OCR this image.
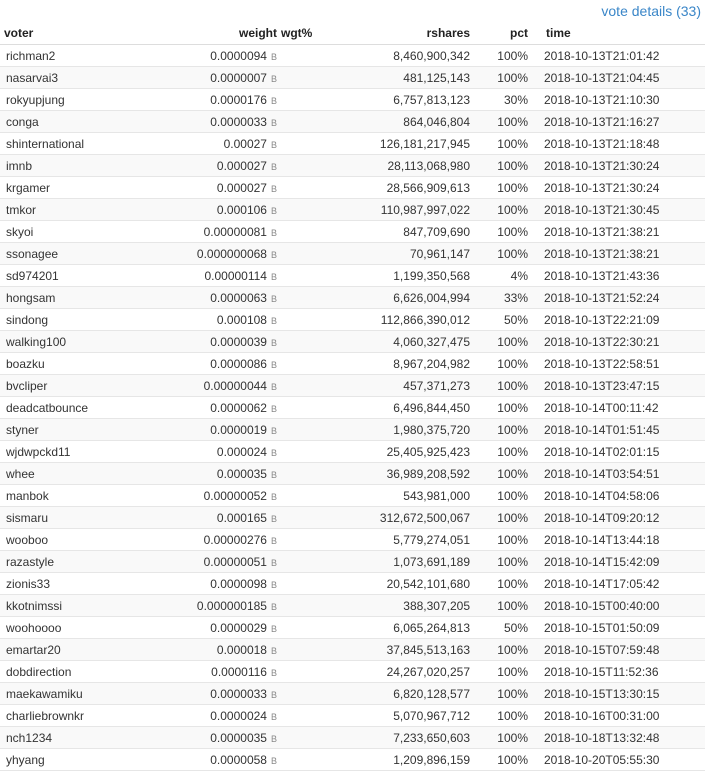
vote details (33)
voter	weight	wgt%	rshares	pct	time
richman2	0.0000094 B		8,460,900,342	100%	2018-10-13T21:01:42
nasarvai3	0.0000007 B		481,125,143	100%	2018-10-13T21:04:45
rokyupjung	0.0000176 B		6,757,813,123	30%	2018-10-13T21:10:30
conga	0.0000033 B		864,046,804	100%	2018-10-13T21:16:27
shinternational	0.00027 B		126,181,217,945	100%	2018-10-13T21:18:48
imnb	0.000027 B		28,113,068,980	100%	2018-10-13T21:30:24
krgamer	0.000027 B		28,566,909,613	100%	2018-10-13T21:30:24
tmkor	0.000106 B		110,987,997,022	100%	2018-10-13T21:30:45
skyoi	0.00000081 B		847,709,690	100%	2018-10-13T21:38:21
ssonagee	0.000000068 B		70,961,147	100%	2018-10-13T21:38:21
sd974201	0.00000114 B		1,199,350,568	4%	2018-10-13T21:43:36
hongsam	0.0000063 B		6,626,004,994	33%	2018-10-13T21:52:24
sindong	0.000108 B		112,866,390,012	50%	2018-10-13T22:21:09
walking100	0.0000039 B		4,060,327,475	100%	2018-10-13T22:30:21
boazku	0.0000086 B		8,967,204,982	100%	2018-10-13T22:58:51
bvcliper	0.00000044 B		457,371,273	100%	2018-10-13T23:47:15
deadcatbounce	0.0000062 B		6,496,844,450	100%	2018-10-14T00:11:42
styner	0.0000019 B		1,980,375,720	100%	2018-10-14T01:51:45
wjdwpckd11	0.000024 B		25,405,925,423	100%	2018-10-14T02:01:15
whee	0.000035 B		36,989,208,592	100%	2018-10-14T03:54:51
manbok	0.00000052 B		543,981,000	100%	2018-10-14T04:58:06
sismaru	0.000165 B		312,672,500,067	100%	2018-10-14T09:20:12
wooboo	0.00000276 B		5,779,274,051	100%	2018-10-14T13:44:18
razastyle	0.00000051 B		1,073,691,189	100%	2018-10-14T15:42:09
zionis33	0.0000098 B		20,542,101,680	100%	2018-10-14T17:05:42
kkotnimssi	0.000000185 B		388,307,205	100%	2018-10-15T00:40:00
woohoooo	0.0000029 B		6,065,264,813	50%	2018-10-15T01:50:09
emartar20	0.000018 B		37,845,513,163	100%	2018-10-15T07:59:48
dobdirection	0.0000116 B		24,267,020,257	100%	2018-10-15T11:52:36
maekawamiku	0.0000033 B		6,820,128,577	100%	2018-10-15T13:30:15
charliebrownkr	0.0000024 B		5,070,967,712	100%	2018-10-16T00:31:00
nch1234	0.0000035 B		7,233,650,603	100%	2018-10-18T13:32:48
yhyang	0.0000058 B		1,209,896,159	100%	2018-10-20T05:55:30
